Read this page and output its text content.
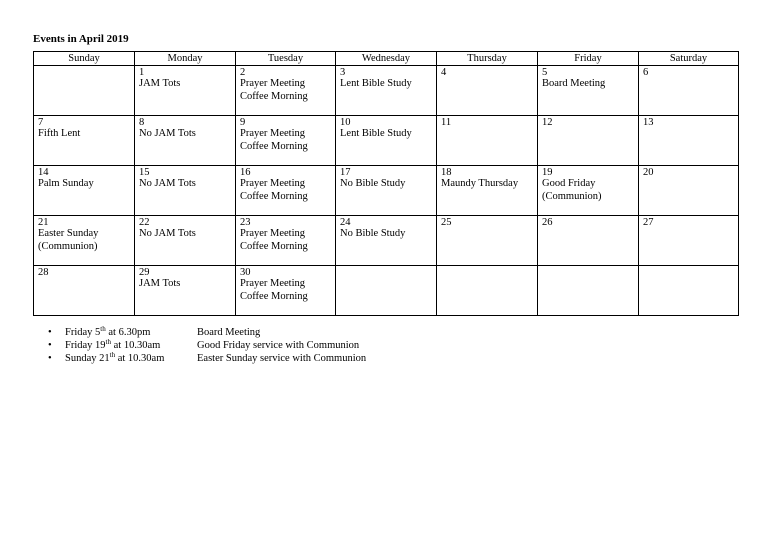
Events in April 2019
Sunday	Monday	Tuesday	Wednesday	Thursday	Friday	Saturday

	1
JAM Tots	2
Prayer Meeting
Coffee Morning	3
Lent Bible Study	4	5
Board Meeting	6

7
Fifth Lent	8
No JAM Tots	9
Prayer Meeting
Coffee Morning	10
Lent Bible Study	11	12	13

14
Palm Sunday	15
No JAM Tots	16
Prayer Meeting
Coffee Morning	17
No Bible Study	18
Maundy Thursday	19
Good Friday
(Communion)	20

21
Easter Sunday
(Communion)	22
No JAM Tots	23
Prayer Meeting
Coffee Morning	24
No Bible Study	25	26	27

28	29
JAM Tots	30
Prayer Meeting
Coffee Morning				

• Friday 5th at 6.30pm	Board Meeting
• Friday 19th at 10.30am	Good Friday service with Communion
• Sunday 21th at 10.30am	Easter Sunday service with Communion
